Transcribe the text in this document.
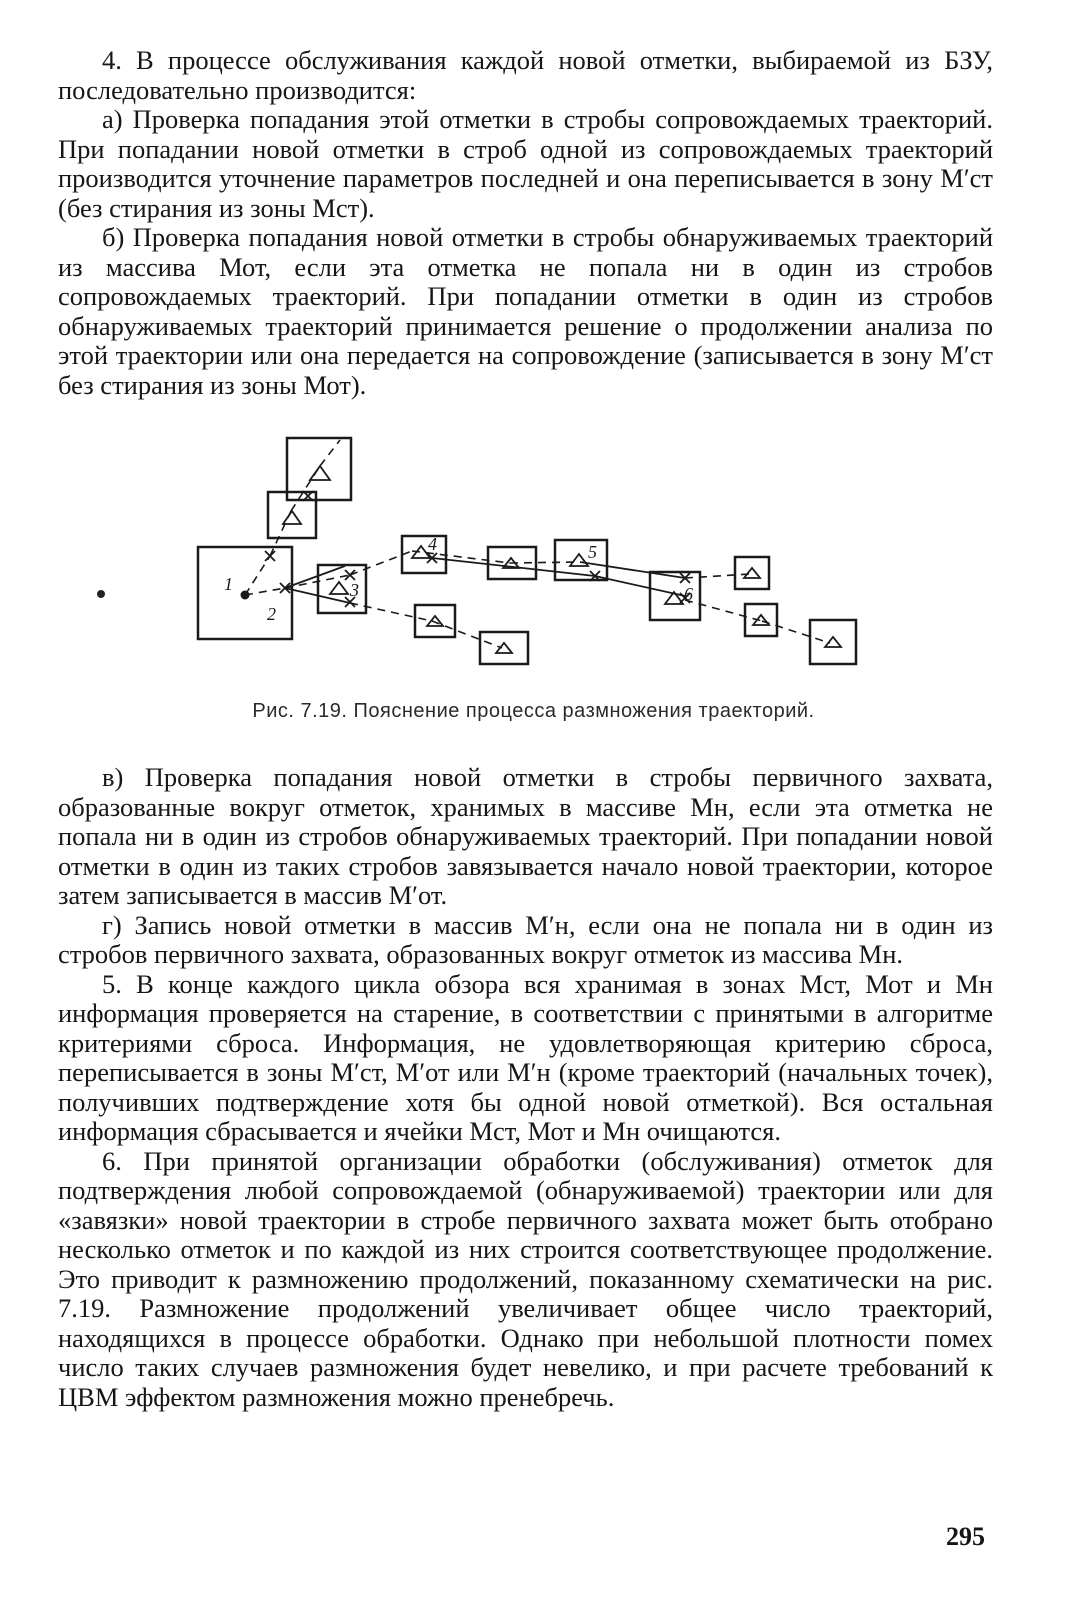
4. В процессе обслуживания каждой новой отметки, выбираемой из БЗУ, последовательно производится:

а) Проверка попадания этой отметки в стробы сопровождаемых траекторий. При попадании новой отметки в строб одной из сопровождаемых траекторий производится уточнение параметров последней и она переписывается в зону М′ст (без стирания из зоны Мст).

б) Проверка попадания новой отметки в стробы обнаруживаемых траекторий из массива Мот, если эта отметка не попала ни в один из стробов сопровождаемых траекторий. При попадании отметки в один из стробов обнаруживаемых траекторий принимается решение о продолжении анализа по этой траектории или она передается на сопровождение (записывается в зону М′ст без стирания из зоны Мот).

1
2
3
4	5
6
Рис. 7.19. Пояснение процесса размножения траекторий.

в) Проверка попадания новой отметки в стробы первичного захвата, образованные вокруг отметок, хранимых в массиве Мн, если эта отметка не попала ни в один из стробов обнаруживаемых траекторий. При попадании новой отметки в один из таких стробов завязывается начало новой траектории, которое затем записывается в массив М′от.

г) Запись новой отметки в массив М′н, если она не попала ни в один из стробов первичного захвата, образованных вокруг отметок из массива Мн.

5. В конце каждого цикла обзора вся хранимая в зонах Мст, Мот и Мн информация проверяется на старение, в соответствии с принятыми в алгоритме критериями сброса. Информация, не удовлетворяющая критерию сброса, переписывается в зоны М′ст, М′от или М′н (кроме траекторий (начальных точек), получивших подтверждение хотя бы одной новой отметкой). Вся остальная информация сбрасывается и ячейки Мст, Мот и Мн очищаются.

6. При принятой организации обработки (обслуживания) отметок для подтверждения любой сопровождаемой (обнаруживаемой) траектории или для «завязки» новой траектории в стробе первичного захвата может быть отобрано несколько отметок и по каждой из них строится соответствующее продолжение. Это приводит к размножению продолжений, показанному схематически на рис. 7.19. Размножение продолжений увеличивает общее число траекторий, находящихся в процессе обработки. Однако при небольшой плотности помех число таких случаев размножения будет невелико, и при расчете требований к ЦВМ эффектом размножения можно пренебречь.

295
